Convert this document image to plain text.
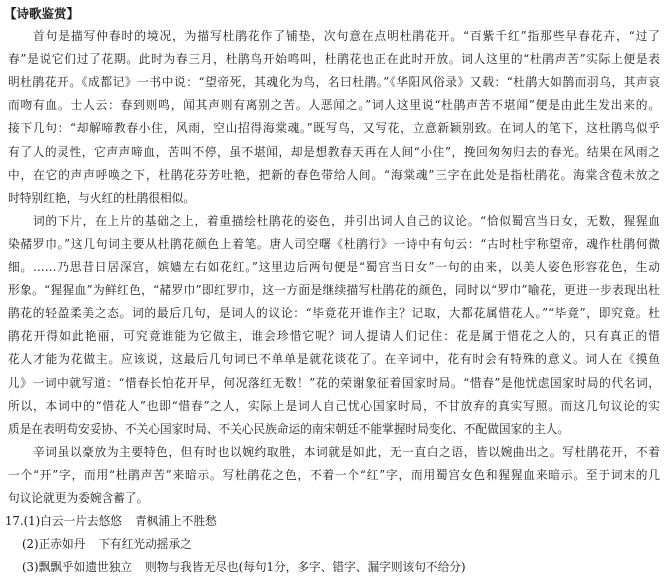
【诗歌鉴赏】
首句是描写仲春时的境况，为描写杜鹃花作了铺垫，次句意在点明杜鹃花开。“百紫千红”指那些早春花卉，“过了
春”是说它们过了花期。此时为春三月，杜鹃鸟开始鸣叫，杜鹃花也正在此时开放。词人这里的“杜鹃声苦”实际上便是表
明杜鹃花开。《成都记》一书中说：“望帝死，其魂化为鸟，名曰杜鹃。”《华阳风俗录》又载：“杜鹃大如鹊而羽乌，其声哀
而吻有血。士人云：春到则鸣，闻其声则有离别之苦。人恶闻之。”词人这里说“杜鹃声苦不堪闻”便是由此生发出来的。
接下几句：“却解啼教春小住，风雨，空山招得海棠魂。”既写鸟，又写花，立意新颖别致。在词人的笔下，这杜鹃鸟似乎
有了人的灵性，它声声啼血，苦叫不停，虽不堪闻，却是想教春天再在人间“小住”，挽回匆匆归去的春光。结果在风雨之
中，在它的声声呼唤之下，杜鹃花芬芳吐艳，把新的春色带给人间。“海棠魂”三字在此处是指杜鹃花。海棠含苞未放之
时特别红艳，与火红的杜鹃很相似。
词的下片，在上片的基础之上，着重描绘杜鹃花的姿色，并引出词人自己的议论。“恰似蜀宫当日女，无数，猩猩血
染赭罗巾。”这几句词主要从杜鹃花颜色上着笔。唐人司空曙《杜鹃行》一诗中有句云：“古时杜宇称望帝，魂作杜鹃何微
细。……乃思昔日居深宫，嫔嫱左右如花红。”这里边后两句便是“蜀宫当日女”一句的由来，以美人姿色形容花色，生动
形象。“猩猩血”为鲜红色，“赭罗巾”即红罗巾，这一方面是继续描写杜鹃花的颜色，同时以“罗巾”喻花，更进一步表现出杜
鹃花的轻盈柔美之态。词的最后几句，是词人的议论：“毕竟花开谁作主？记取，大都花属惜花人。”“毕竟”，即究竟。杜
鹃花开得如此艳丽，可究竟谁能为它做主，谁会珍惜它呢？词人提请人们记住：花是属于惜花之人的，只有真正的惜
花人才能为花做主。应该说，这最后几句词已不单单是就花谈花了。在辛词中，花有时会有特殊的意义。词人在《摸鱼
儿》一词中就写道：“惜春长怕花开早，何况落红无数！”花的荣谢象征着国家时局。“惜春”是他忧虑国家时局的代名词，
所以，本词中的“惜花人”也即“惜春”之人，实际上是词人自己忧心国家时局，不甘放弃的真实写照。而这几句议论的实
质是在表明苟安妥协、不关心国家时局、不关心民族命运的南宋朝廷不能掌握时局变化、不配做国家的主人。
辛词虽以豪放为主要特色，但有时也以婉约取胜，本词就是如此，无一直白之语，皆以婉曲出之。写杜鹃花开，不着
一个“开”字，而用“杜鹃声苦”来暗示。写杜鹃花之色，不着一个“红”字，而用蜀宫女色和猩猩血来暗示。至于词末的几
句议论就更为委婉含蓄了。
17.(1)白云一片去悠悠 青枫浦上不胜愁
(2)正赤如丹 下有红光动摇承之
(3)飘飘乎如遗世独立 则物与我皆无尽也(每句1分，多字、错字、漏字则该句不给分)
